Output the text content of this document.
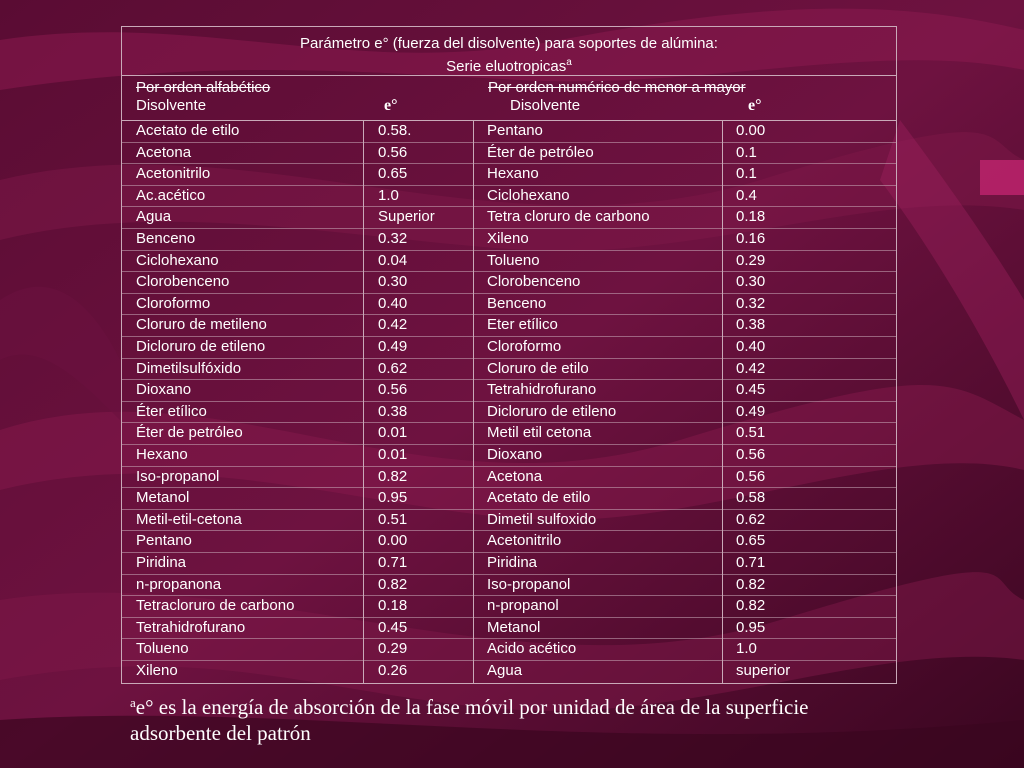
Parámetro e° (fuerza del disolvente) para soportes de alúmina:
Serie eluotropicas$^a$
Por orden alfabético	Por orden numérico de menor a mayor
Disolvente	e°	Disolvente	e°
Acetato de etilo	0.58.	Pentano	0.00
Acetona	0.56	Éter de petróleo	0.1
Acetonitrilo	0.65	Hexano	0.1
Ac.acético	1.0	Ciclohexano	0.4
Agua	Superior	Tetra cloruro de carbono	0.18
Benceno	0.32	Xileno	0.16
Ciclohexano	0.04	Tolueno	0.29
Clorobenceno	0.30	Clorobenceno	0.30
Cloroformo	0.40	Benceno	0.32
Cloruro de metileno	0.42	Eter etílico	0.38
Dicloruro de etileno	0.49	Cloroformo	0.40
Dimetilsulfóxido	0.62	Cloruro de etilo	0.42
Dioxano	0.56	Tetrahidrofurano	0.45
Éter etílico	0.38	Dicloruro de etileno	0.49
Éter de petróleo	0.01	Metil etil cetona	0.51
Hexano	0.01	Dioxano	0.56
Iso-propanol	0.82	Acetona	0.56
Metanol	0.95	Acetato de etilo	0.58
Metil-etil-cetona	0.51	Dimetil sulfoxido	0.62
Pentano	0.00	Acetonitrilo	0.65
Piridina	0.71	Piridina	0.71
n-propanona	0.82	Iso-propanol	0.82
Tetracloruro de carbono	0.18	n-propanol	0.82
Tetrahidrofurano	0.45	Metanol	0.95
Tolueno	0.29	Acido acético	1.0
Xileno	0.26	Agua	superior
$^a$e° es la energía de absorción de la fase móvil por unidad de área de la superficie adsorbente del patrón
